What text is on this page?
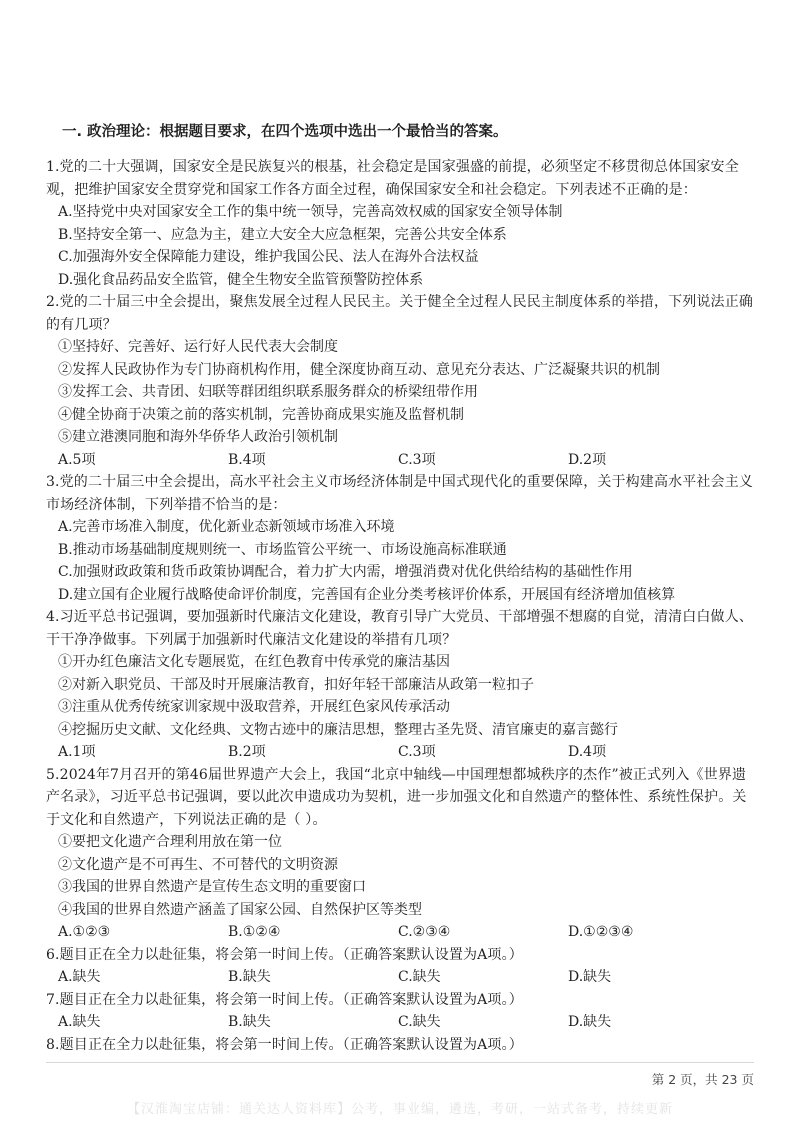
一. 政治理论：根据题目要求，在四个选项中选出一个最恰当的答案。

1.党的二十大强调，国家安全是民族复兴的根基，社会稳定是国家强盛的前提，必须坚定不移贯彻总体国家安全观，把维护国家安全贯穿党和国家工作各方面全过程，确保国家安全和社会稳定。下列表述不正确的是：

A.坚持党中央对国家安全工作的集中统一领导，完善高效权威的国家安全领导体制

B.坚持安全第一、应急为主，建立大安全大应急框架，完善公共安全体系

C.加强海外安全保障能力建设，维护我国公民、法人在海外合法权益

D.强化食品药品安全监管，健全生物安全监管预警防控体系

2.党的二十届三中全会提出，聚焦发展全过程人民民主。关于健全全过程人民民主制度体系的举措，下列说法正确的有几项？

①坚持好、完善好、运行好人民代表大会制度

②发挥人民政协作为专门协商机构作用，健全深度协商互动、意见充分表达、广泛凝聚共识的机制

③发挥工会、共青团、妇联等群团组织联系服务群众的桥梁纽带作用

④健全协商于决策之前的落实机制，完善协商成果实施及监督机制

⑤建立港澳同胞和海外华侨华人政治引领机制

A.5项	B.4项	C.3项	D.2项

3.党的二十届三中全会提出，高水平社会主义市场经济体制是中国式现代化的重要保障，关于构建高水平社会主义市场经济体制，下列举措不恰当的是：

A.完善市场准入制度，优化新业态新领域市场准入环境

B.推动市场基础制度规则统一、市场监管公平统一、市场设施高标准联通

C.加强财政政策和货币政策协调配合，着力扩大内需，增强消费对优化供给结构的基础性作用

D.建立国有企业履行战略使命评价制度，完善国有企业分类考核评价体系，开展国有经济增加值核算

4.习近平总书记强调，要加强新时代廉洁文化建设，教育引导广大党员、干部增强不想腐的自觉，清清白白做人、干干净净做事。下列属于加强新时代廉洁文化建设的举措有几项？

①开办红色廉洁文化专题展览，在红色教育中传承党的廉洁基因

②对新入职党员、干部及时开展廉洁教育，扣好年轻干部廉洁从政第一粒扣子

③注重从优秀传统家训家规中汲取营养，开展红色家风传承活动

④挖掘历史文献、文化经典、文物古迹中的廉洁思想，整理古圣先贤、清官廉吏的嘉言懿行

A.1项	B.2项	C.3项	D.4项

5.2024年7月召开的第46届世界遗产大会上，我国“北京中轴线—中国理想都城秩序的杰作”被正式列入《世界遗产名录》，习近平总书记强调，要以此次申遗成功为契机，进一步加强文化和自然遗产的整体性、系统性保护。关于文化和自然遗产，下列说法正确的是（ ）。

①要把文化遗产合理利用放在第一位

②文化遗产是不可再生、不可替代的文明资源

③我国的世界自然遗产是宣传生态文明的重要窗口

④我国的世界自然遗产涵盖了国家公园、自然保护区等类型

A.①②③	B.①②④	C.②③④	D.①②③④

6.题目正在全力以赴征集，将会第一时间上传。（正确答案默认设置为A项。）

A.缺失	B.缺失	C.缺失	D.缺失

7.题目正在全力以赴征集，将会第一时间上传。（正确答案默认设置为A项。）

A.缺失	B.缺失	C.缺失	D.缺失

8.题目正在全力以赴征集，将会第一时间上传。（正确答案默认设置为A项。）

第 2 页，共 23 页
【汉淮淘宝店铺：通关达人资料库】公考，事业编，遴选，考研，一站式备考，持续更新
